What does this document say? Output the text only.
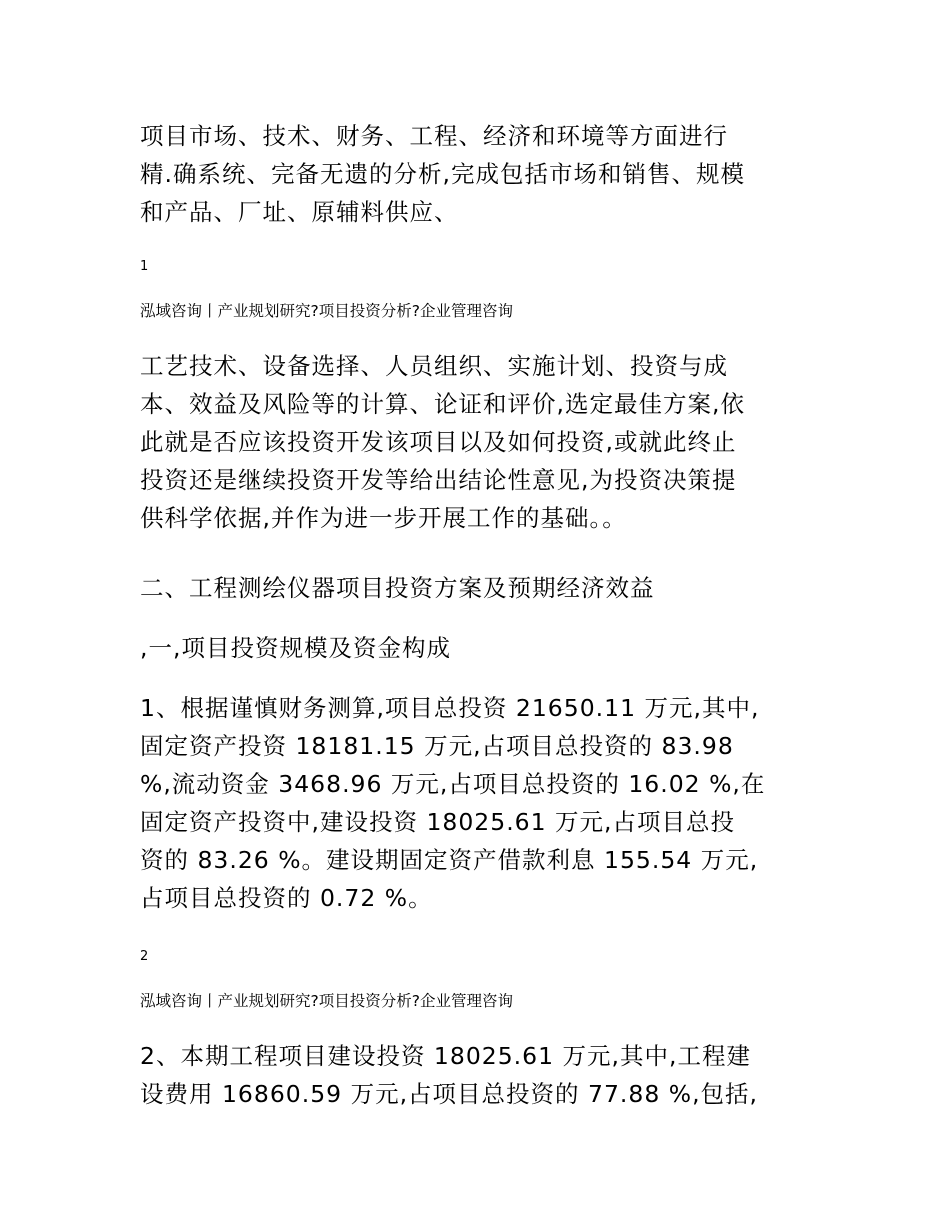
项目市场、技术、财务、工程、经济和环境等方面进行
精.确系统、完备无遗的分析,完成包括市场和销售、规模
和产品、厂址、原辅料供应、
1
泓域咨询丨产业规划研究?项目投资分析?企业管理咨询
工艺技术、设备选择、人员组织、实施计划、投资与成
本、效益及风险等的计算、论证和评价,选定最佳方案,依
此就是否应该投资开发该项目以及如何投资,或就此终止
投资还是继续投资开发等给出结论性意见,为投资决策提
供科学依据,并作为进一步开展工作的基础。。
二、工程测绘仪器项目投资方案及预期经济效益
,一,项目投资规模及资金构成
1、根据谨慎财务测算,项目总投资 21650.11 万元,其中,
固定资产投资 18181.15 万元,占项目总投资的 83.98
%,流动资金 3468.96 万元,占项目总投资的 16.02 %,在
固定资产投资中,建设投资 18025.61 万元,占项目总投
资的 83.26 %。建设期固定资产借款利息 155.54 万元,
占项目总投资的 0.72 %。
2
泓域咨询丨产业规划研究?项目投资分析?企业管理咨询
2、本期工程项目建设投资 18025.61 万元,其中,工程建
设费用 16860.59 万元,占项目总投资的 77.88 %,包括,
